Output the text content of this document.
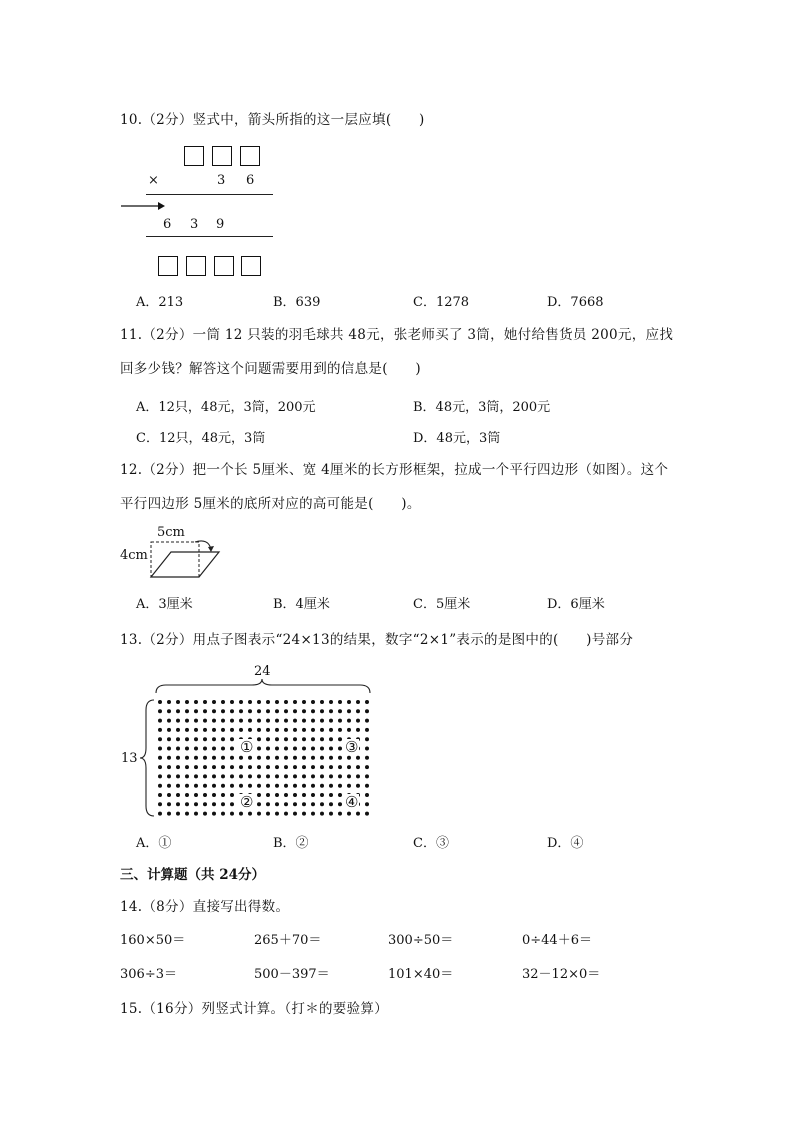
10.（2分）竖式中，箭头所指的这一层应填(　　)
×	3 6
6 3 9
A．213	B．639	C．1278	D．7668
11.（2分）一筒 12 只装的羽毛球共 48元，张老师买了 3筒，她付给售货员 200元，应找
回多少钱？解答这个问题需要用到的信息是(　　)
A．12只，48元，3筒，200元	B．48元，3筒，200元
C．12只，48元，3筒	D．48元，3筒
12.（2分）把一个长 5厘米、宽 4厘米的长方形框架，拉成一个平行四边形（如图）。这个
平行四边形 5厘米的底所对应的高可能是(　　)。
5cm
4cm
A．3厘米	B．4厘米	C．5厘米	D．6厘米
13.（2分）用点子图表示“24×13的结果，数字“2×1”表示的是图中的(　　)号部分
24
13
①
②
③
④
A．①	B．②	C．③	D．④
三、计算题（共 24分）
14.（8分）直接写出得数。
160×50＝	265＋70＝	300÷50＝	0÷44＋6＝
306÷3＝	500－397＝	101×40＝	32－12×0＝
15.（16分）列竖式计算。（打＊的要验算）
